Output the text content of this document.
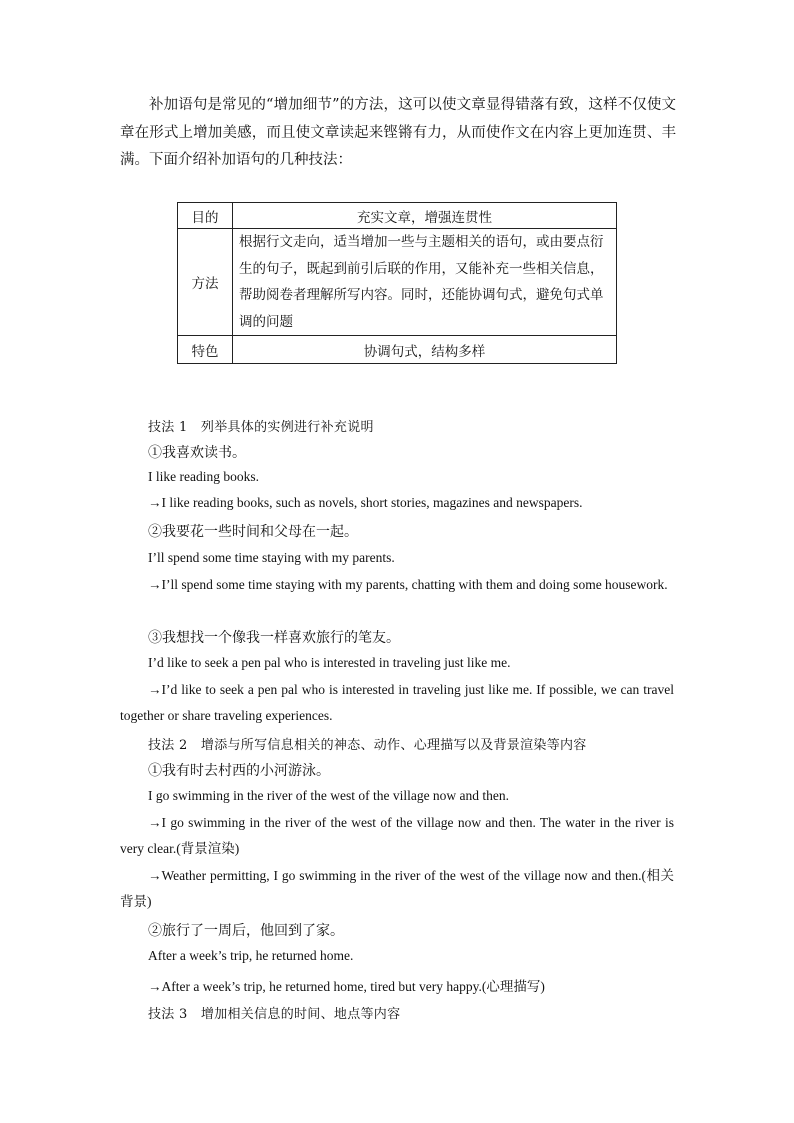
补加语句是常见的“增加细节”的方法，这可以使文章显得错落有致，这样不仅使文章在形式上增加美感，而且使文章读起来铿锵有力，从而使作文在内容上更加连贯、丰满。下面介绍补加语句的几种技法：
目的	充实文章，增强连贯性
方法	根据行文走向，适当增加一些与主题相关的语句，或由要点衍生的句子，既起到前引后联的作用，又能补充一些相关信息，帮助阅卷者理解所写内容。同时，还能协调句式，避免句式单调的问题
特色	协调句式，结构多样
技法 1　列举具体的实例进行补充说明
①我喜欢读书。
I like reading books.
→I like reading books, such as novels, short stories, magazines and newspapers.
②我要花一些时间和父母在一起。
I’ll spend some time staying with my parents.
→I’ll spend some time staying with my parents, chatting with them and doing some housework.
③我想找一个像我一样喜欢旅行的笔友。
I’d like to seek a pen pal who is interested in traveling just like me.
→I’d like to seek a pen pal who is interested in traveling just like me. If possible, we can travel together or share traveling experiences.
技法 2　增添与所写信息相关的神态、动作、心理描写以及背景渲染等内容
①我有时去村西的小河游泳。
I go swimming in the river of the west of the village now and then.
→I go swimming in the river of the west of the village now and then. The water in the river is very clear.(背景渲染)
→Weather permitting, I go swimming in the river of the west of the village now and then.(相关背景)
②旅行了一周后，他回到了家。
After a week’s trip, he returned home.
→After a week’s trip, he returned home, tired but very happy.(心理描写)
技法 3　增加相关信息的时间、地点等内容
